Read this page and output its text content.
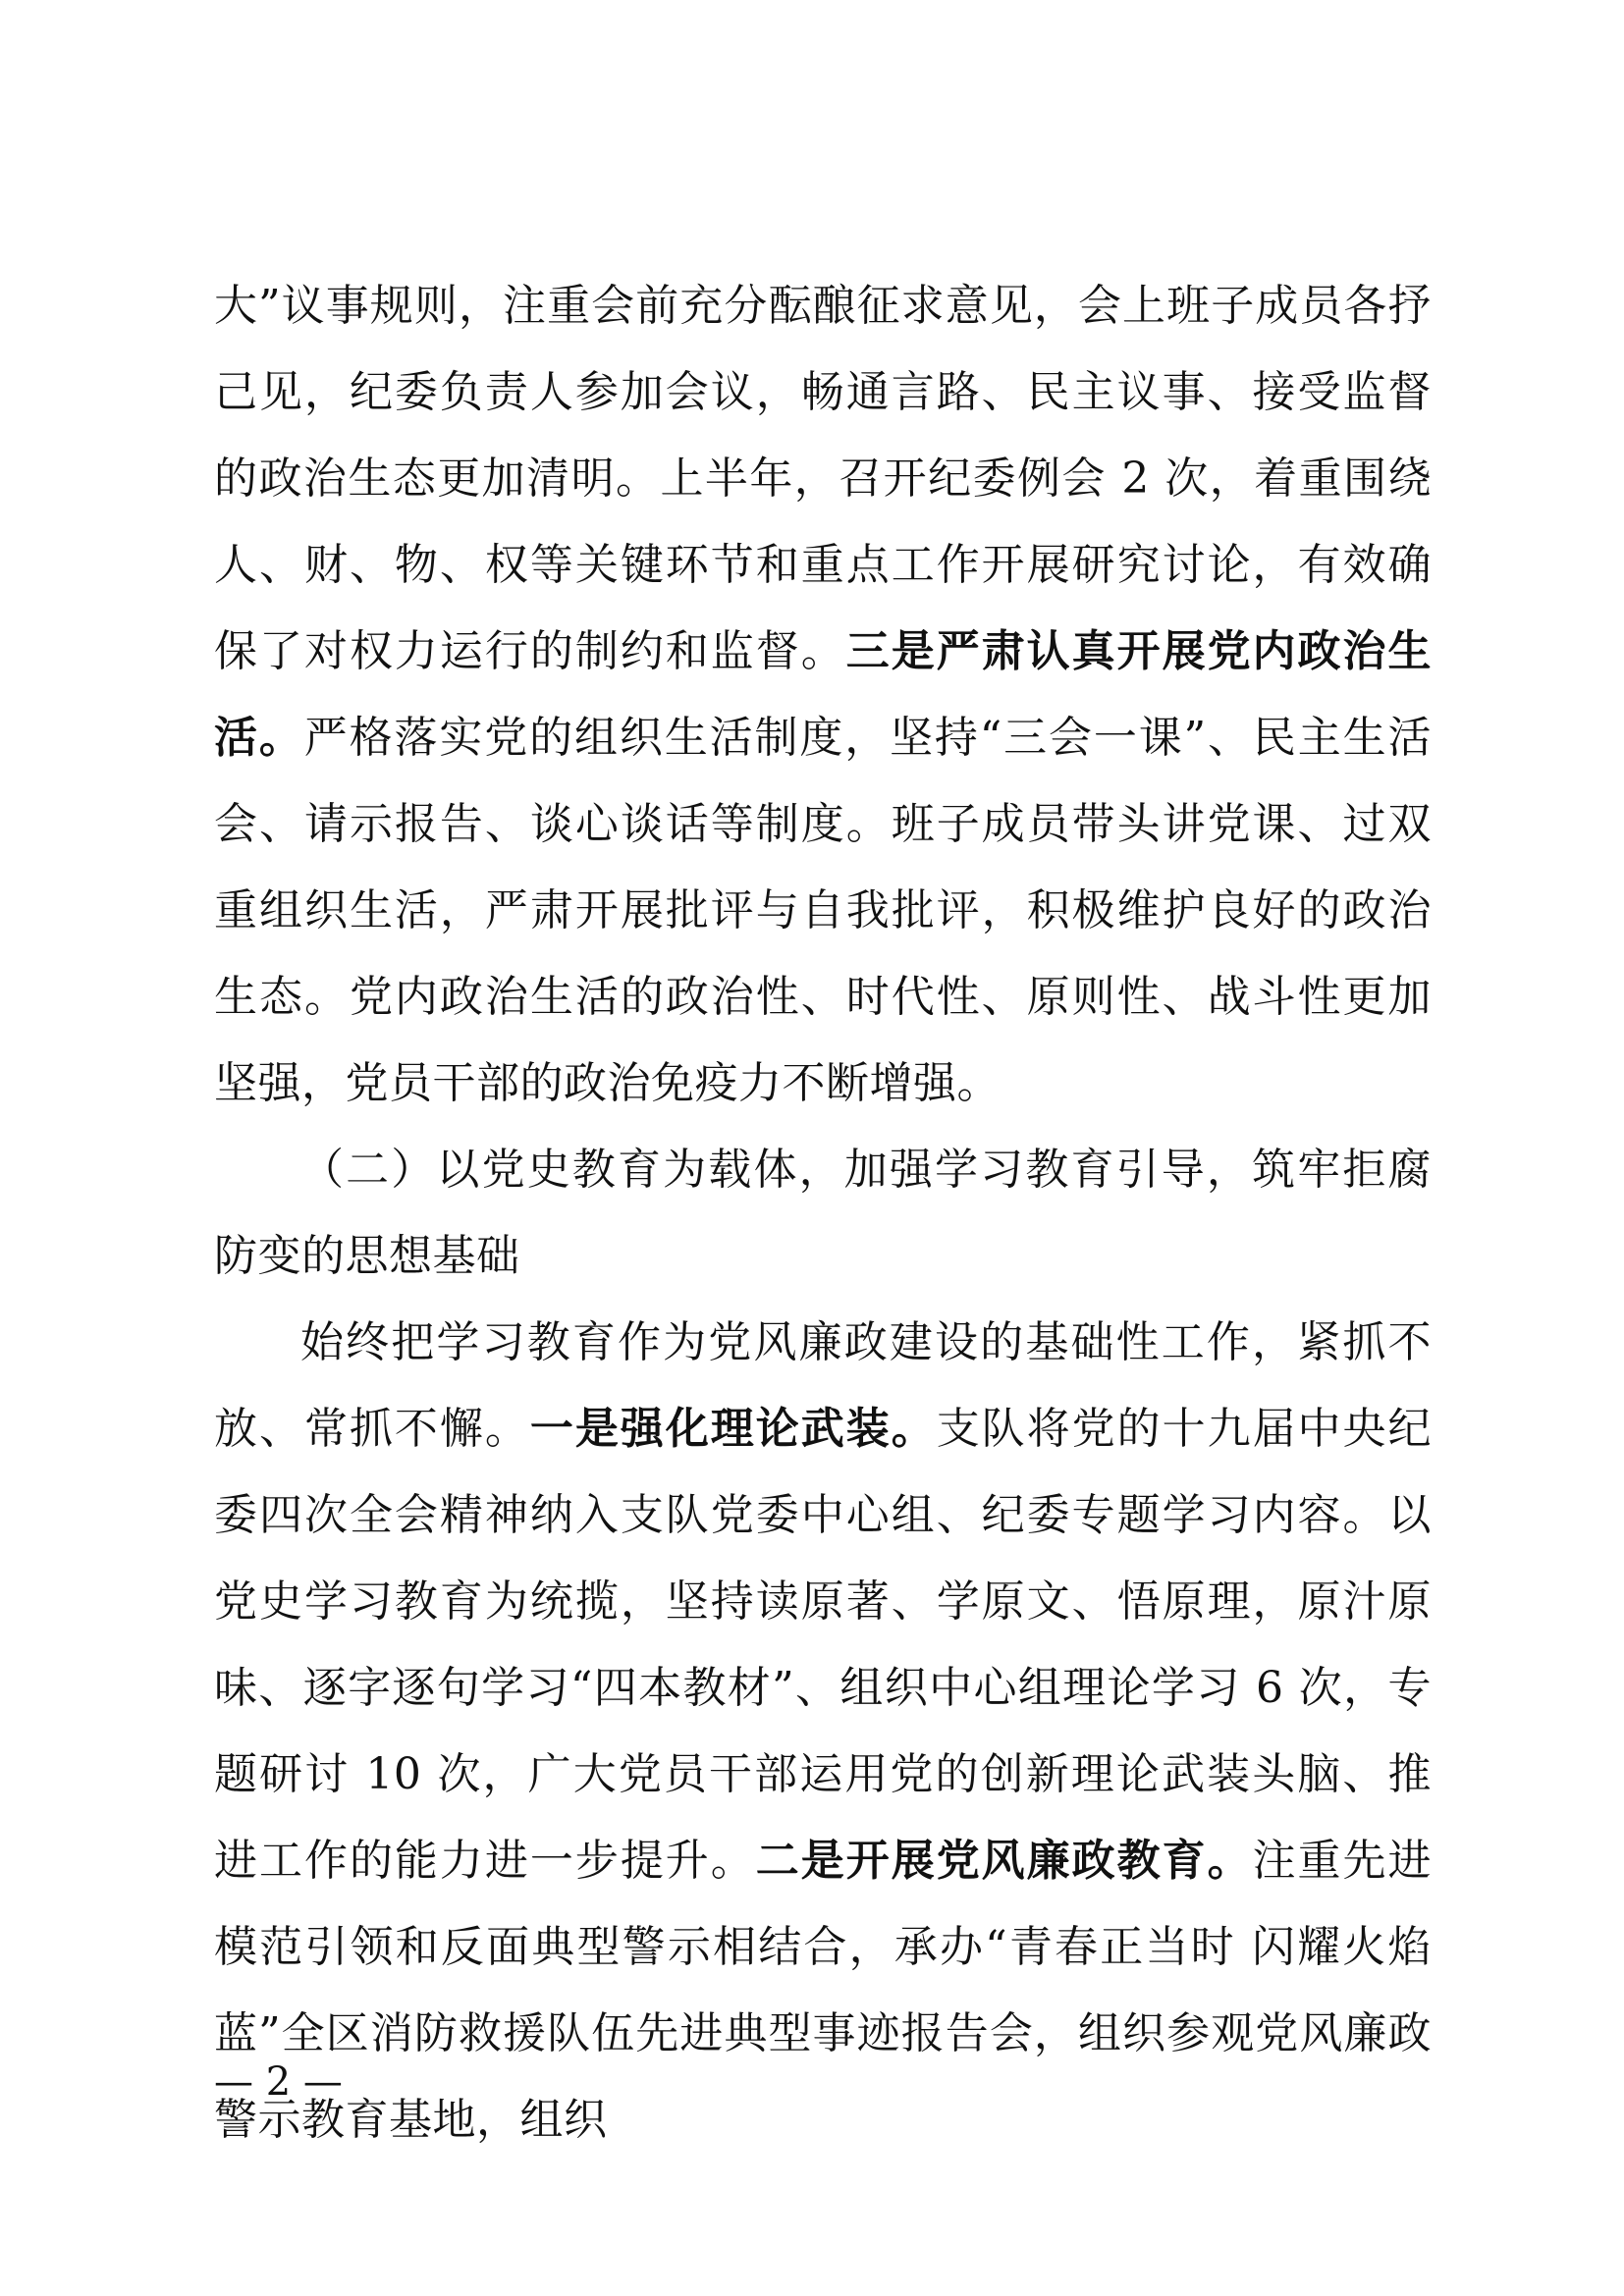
大”议事规则，注重会前充分酝酿征求意见，会上班子成员各抒己见，纪委负责人参加会议，畅通言路、民主议事、接受监督的政治生态更加清明。上半年，召开纪委例会 2 次，着重围绕人、财、物、权等关键环节和重点工作开展研究讨论，有效确保了对权力运行的制约和监督。三是严肃认真开展党内政治生活。严格落实党的组织生活制度，坚持“三会一课”、民主生活会、请示报告、谈心谈话等制度。班子成员带头讲党课、过双重组织生活，严肃开展批评与自我批评，积极维护良好的政治生态。党内政治生活的政治性、时代性、原则性、战斗性更加坚强，党员干部的政治免疫力不断增强。

（二）以党史教育为载体，加强学习教育引导，筑牢拒腐防变的思想基础

始终把学习教育作为党风廉政建设的基础性工作，紧抓不放、常抓不懈。一是强化理论武装。支队将党的十九届中央纪委四次全会精神纳入支队党委中心组、纪委专题学习内容。以党史学习教育为统揽，坚持读原著、学原文、悟原理，原汁原味、逐字逐句学习“四本教材”、组织中心组理论学习 6 次，专题研讨 10 次，广大党员干部运用党的创新理论武装头脑、推进工作的能力进一步提升。二是开展党风廉政教育。注重先进模范引领和反面典型警示相结合，承办“青春正当时 闪耀火焰蓝”全区消防救援队伍先进典型事迹报告会，组织参观党风廉政警示教育基地，组织

— 2 —
